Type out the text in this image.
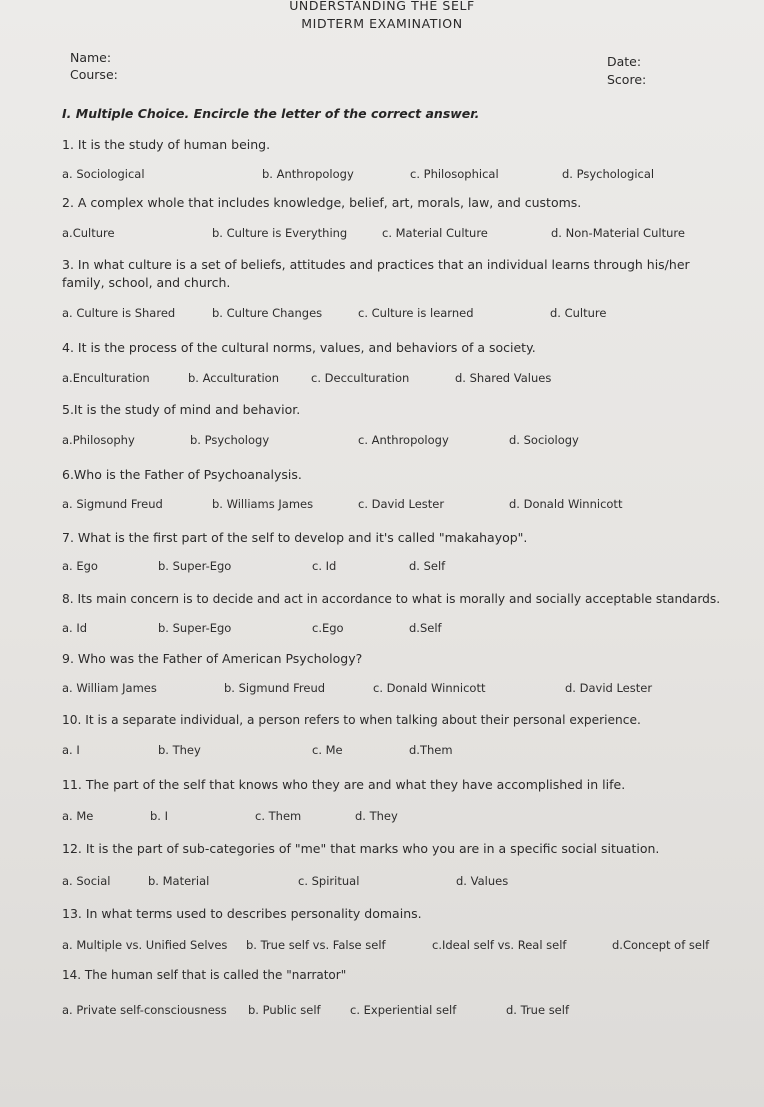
UNDERSTANDING THE SELF
MIDTERM EXAMINATION
Name:
Course:
Date:
Score:
I. Multiple Choice. Encircle the letter of the correct answer.
1. It is the study of human being.
a. Sociological	b. Anthropology	c. Philosophical	d. Psychological
2. A complex whole that includes knowledge, belief, art, morals, law, and customs.
a.Culture	b. Culture is Everything	c. Material Culture	d. Non-Material Culture
3. In what culture is a set of beliefs, attitudes and practices that an individual learns through his/her family, school, and church.
a. Culture is Shared	b. Culture Changes	c. Culture is learned	d. Culture
4. It is the process of the cultural norms, values, and behaviors of a society.
a.Enculturation	b. Acculturation	c. Decculturation	d. Shared Values
5.It is the study of mind and behavior.
a.Philosophy	b. Psychology	c. Anthropology	d. Sociology
6.Who is the Father of Psychoanalysis.
a. Sigmund Freud	b. Williams James	c. David Lester	d. Donald Winnicott
7. What is the first part of the self to develop and it's called "makahayop".
a. Ego	b. Super-Ego	c. Id	d. Self
8. Its main concern is to decide and act in accordance to what is morally and socially acceptable standards.
a. Id	b. Super-Ego	c.Ego	d.Self
9. Who was the Father of American Psychology?
a. William James	b. Sigmund Freud	c. Donald Winnicott	d. David Lester
10. It is a separate individual, a person refers to when talking about their personal experience.
a. I	b. They	c. Me	d.Them
11. The part of the self that knows who they are and what they have accomplished in life.
a. Me	b. I	c. Them	d. They
12. It is the part of sub-categories of "me" that marks who you are in a specific social situation.
a. Social	b. Material	c. Spiritual	d. Values
13. In what terms used to describes personality domains.
a. Multiple vs. Unified Selves b. True self vs. False self	c.Ideal self vs. Real self	d.Concept of self
14. The human self that is called the "narrator"
a. Private self-consciousness b. Public self	c. Experiential self	d. True self
